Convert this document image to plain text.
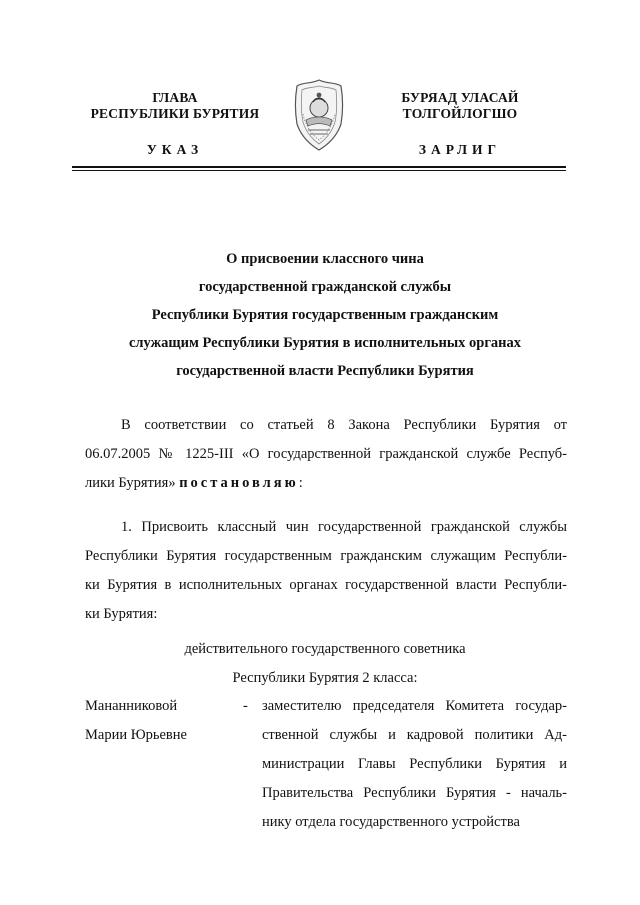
ГЛАВА
РЕСПУБЛИКИ БУРЯТИЯ
УКАЗ
БУРЯАД УЛАСАЙ
ТОЛГОЙЛОГШО
ЗАРЛИГ
О присвоении классного чина
государственной гражданской службы
Республики Бурятия государственным гражданским
служащим Республики Бурятия в исполнительных органах
государственной власти Республики Бурятия
В соответствии со статьей 8 Закона Республики Бурятия от
06.07.2005 № 1225-III «О государственной гражданской службе Респуб-
лики Бурятия» постановляю:
1. Присвоить классный чин государственной гражданской службы
Республики Бурятия государственным гражданским служащим Республи-
ки Бурятия в исполнительных органах государственной власти Республи-
ки Бурятия:
действительного государственного советника
Республики Бурятия 2 класса:
Мананниковой
Марии Юрьевне
- заместителю председателя Комитета государ-
ственной службы и кадровой политики Ад-
министрации Главы Республики Бурятия и
Правительства Республики Бурятия - началь-
нику отдела государственного устройства
